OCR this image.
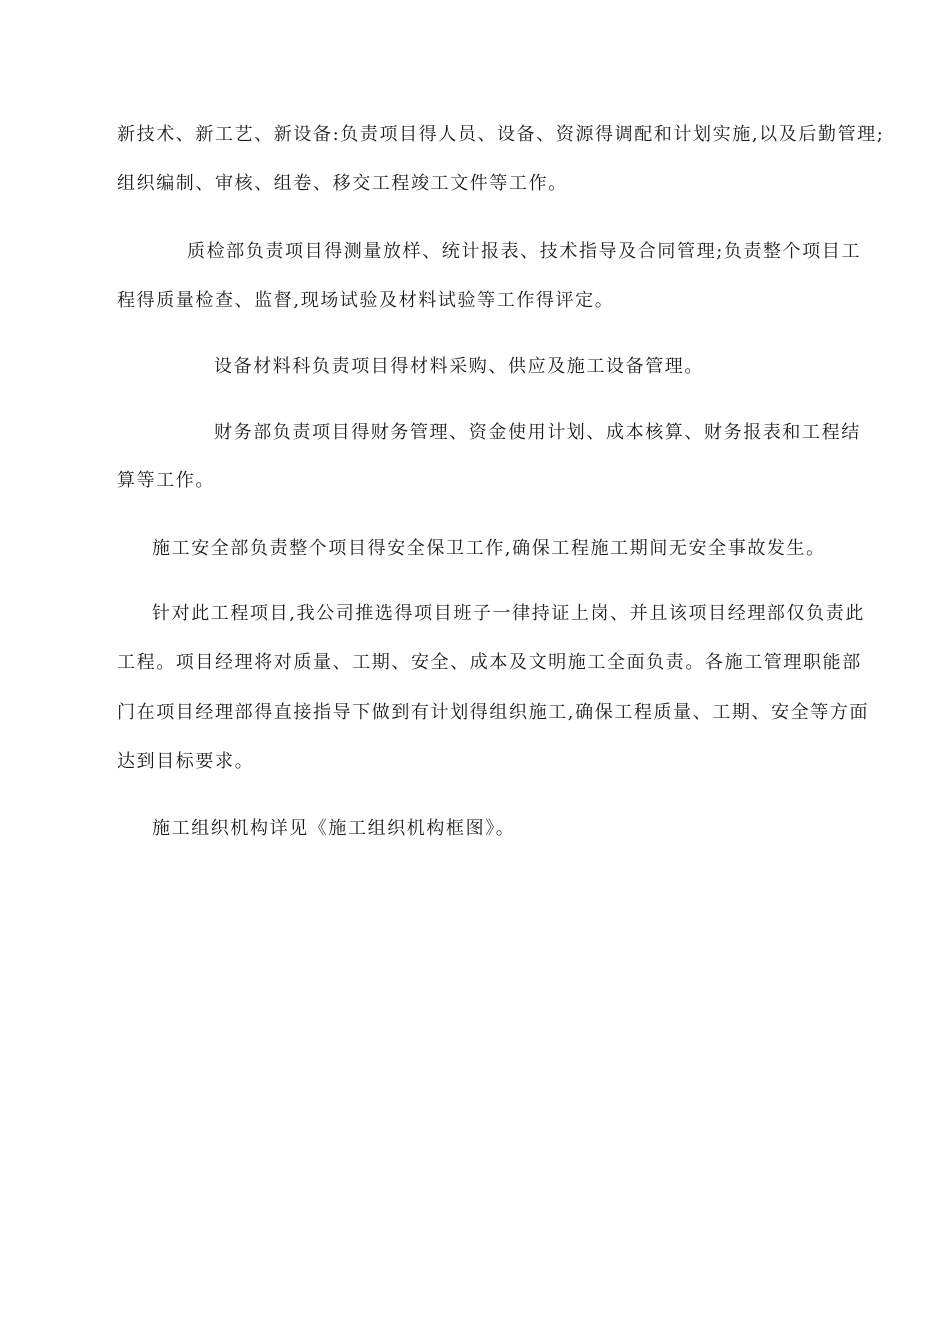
新技术、新工艺、新设备:负责项目得人员、设备、资源得调配和计划实施,以及后勤管理;
组织编制、审核、组卷、移交工程竣工文件等工作。
质检部负责项目得测量放样、统计报表、技术指导及合同管理;负责整个项目工
程得质量检查、监督,现场试验及材料试验等工作得评定。
设备材料科负责项目得材料采购、供应及施工设备管理。
财务部负责项目得财务管理、资金使用计划、成本核算、财务报表和工程结
算等工作。
施工安全部负责整个项目得安全保卫工作,确保工程施工期间无安全事故发生。
针对此工程项目,我公司推选得项目班子一律持证上岗、并且该项目经理部仅负责此
工程。项目经理将对质量、工期、安全、成本及文明施工全面负责。各施工管理职能部
门在项目经理部得直接指导下做到有计划得组织施工,确保工程质量、工期、安全等方面
达到目标要求。
施工组织机构详见《施工组织机构框图》。
